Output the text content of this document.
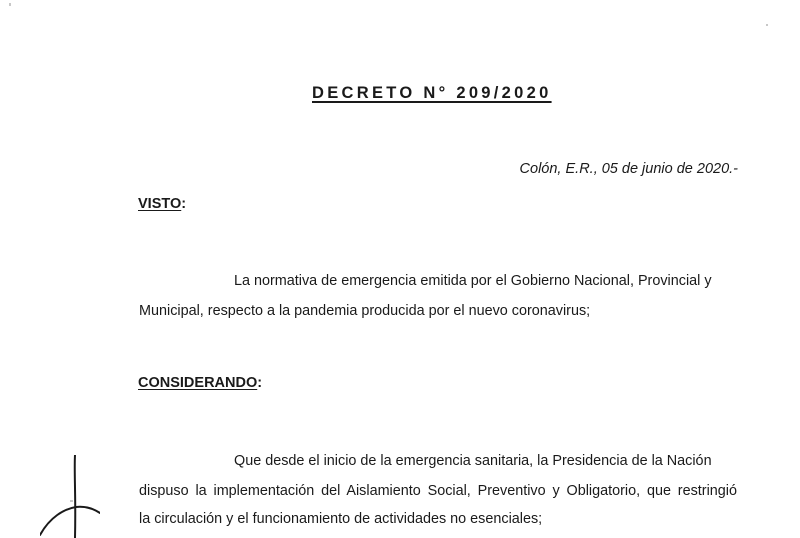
DECRETO N° 209/2020
Colón, E.R., 05 de junio de 2020.-
VISTO:
La normativa de emergencia emitida por el Gobierno Nacional, Provincial y
Municipal, respecto a la pandemia producida por el nuevo coronavirus;
CONSIDERANDO:
Que desde el inicio de la emergencia sanitaria, la Presidencia de la Nación
dispuso la implementación del Aislamiento Social, Preventivo y Obligatorio, que restringió
la circulación y el funcionamiento de actividades no esenciales;
